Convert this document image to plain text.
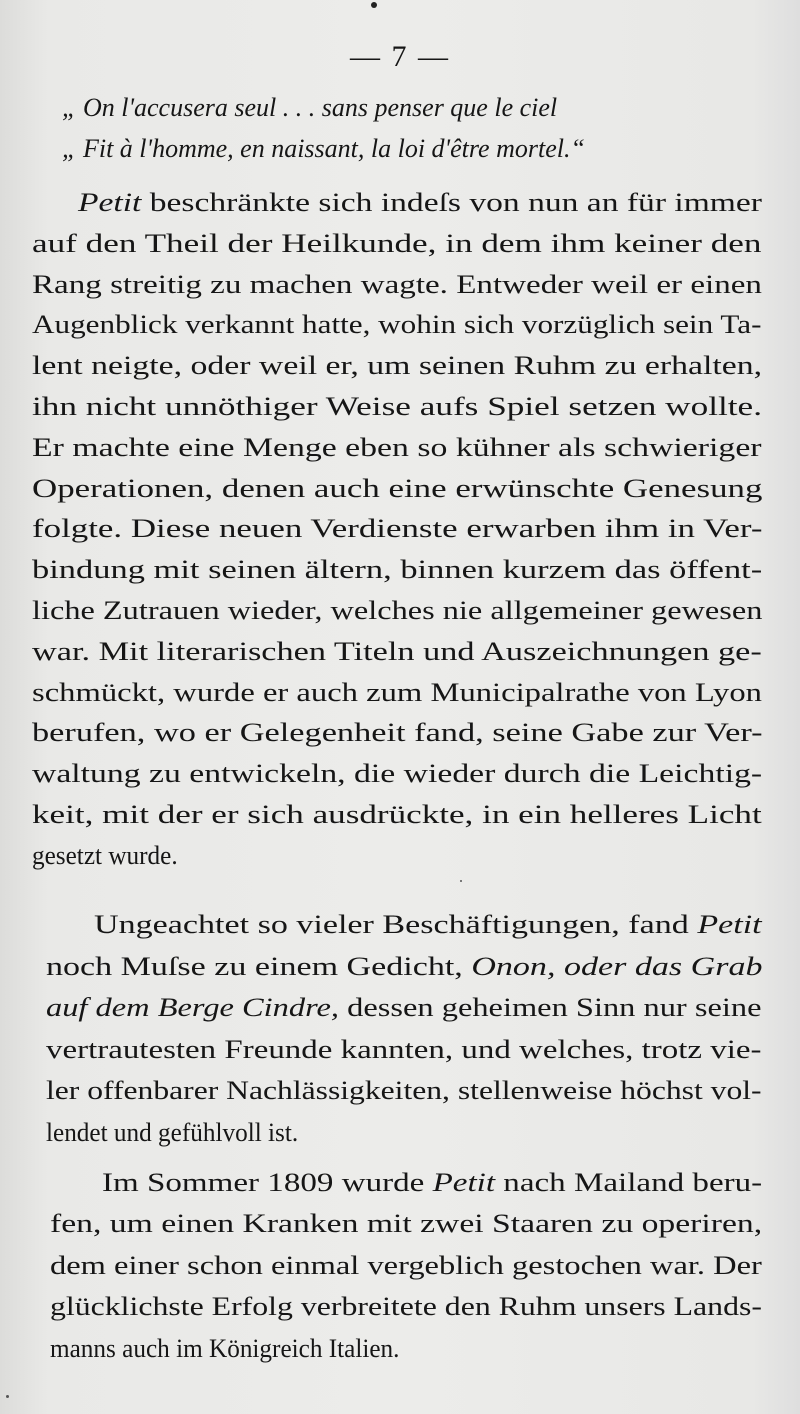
— 7 —
„ On l'accusera seul . . . sans penser que le ciel
„ Fit à l'homme, en naissant, la loi d'être mortel.“
Petit beschränkte sich indeſs von nun an für immer
auf den Theil der Heilkunde, in dem ihm keiner den
Rang streitig zu machen wagte. Entweder weil er einen
Augenblick verkannt hatte, wohin sich vorzüglich sein Ta-
lent neigte, oder weil er, um seinen Ruhm zu erhalten,
ihn nicht unnöthiger Weise aufs Spiel setzen wollte.
Er machte eine Menge eben so kühner als schwieriger
Operationen, denen auch eine erwünschte Genesung
folgte. Diese neuen Verdienste erwarben ihm in Ver-
bindung mit seinen ältern, binnen kurzem das öffent-
liche Zutrauen wieder, welches nie allgemeiner gewesen
war. Mit literarischen Titeln und Auszeichnungen ge-
schmückt, wurde er auch zum Municipalrathe von Lyon
berufen, wo er Gelegenheit fand, seine Gabe zur Ver-
waltung zu entwickeln, die wieder durch die Leichtig-
keit, mit der er sich ausdrückte, in ein helleres Licht
gesetzt wurde.
Ungeachtet so vieler Beschäftigungen, fand Petit
noch Muſse zu einem Gedicht, Onon, oder das Grab
auf dem Berge Cindre, dessen geheimen Sinn nur seine
vertrautesten Freunde kannten, und welches, trotz vie-
ler offenbarer Nachlässigkeiten, stellenweise höchst vol-
lendet und gefühlvoll ist.
Im Sommer 1809 wurde Petit nach Mailand beru-
fen, um einen Kranken mit zwei Staaren zu operiren,
dem einer schon einmal vergeblich gestochen war. Der
glücklichste Erfolg verbreitete den Ruhm unsers Lands-
manns auch im Königreich Italien.
